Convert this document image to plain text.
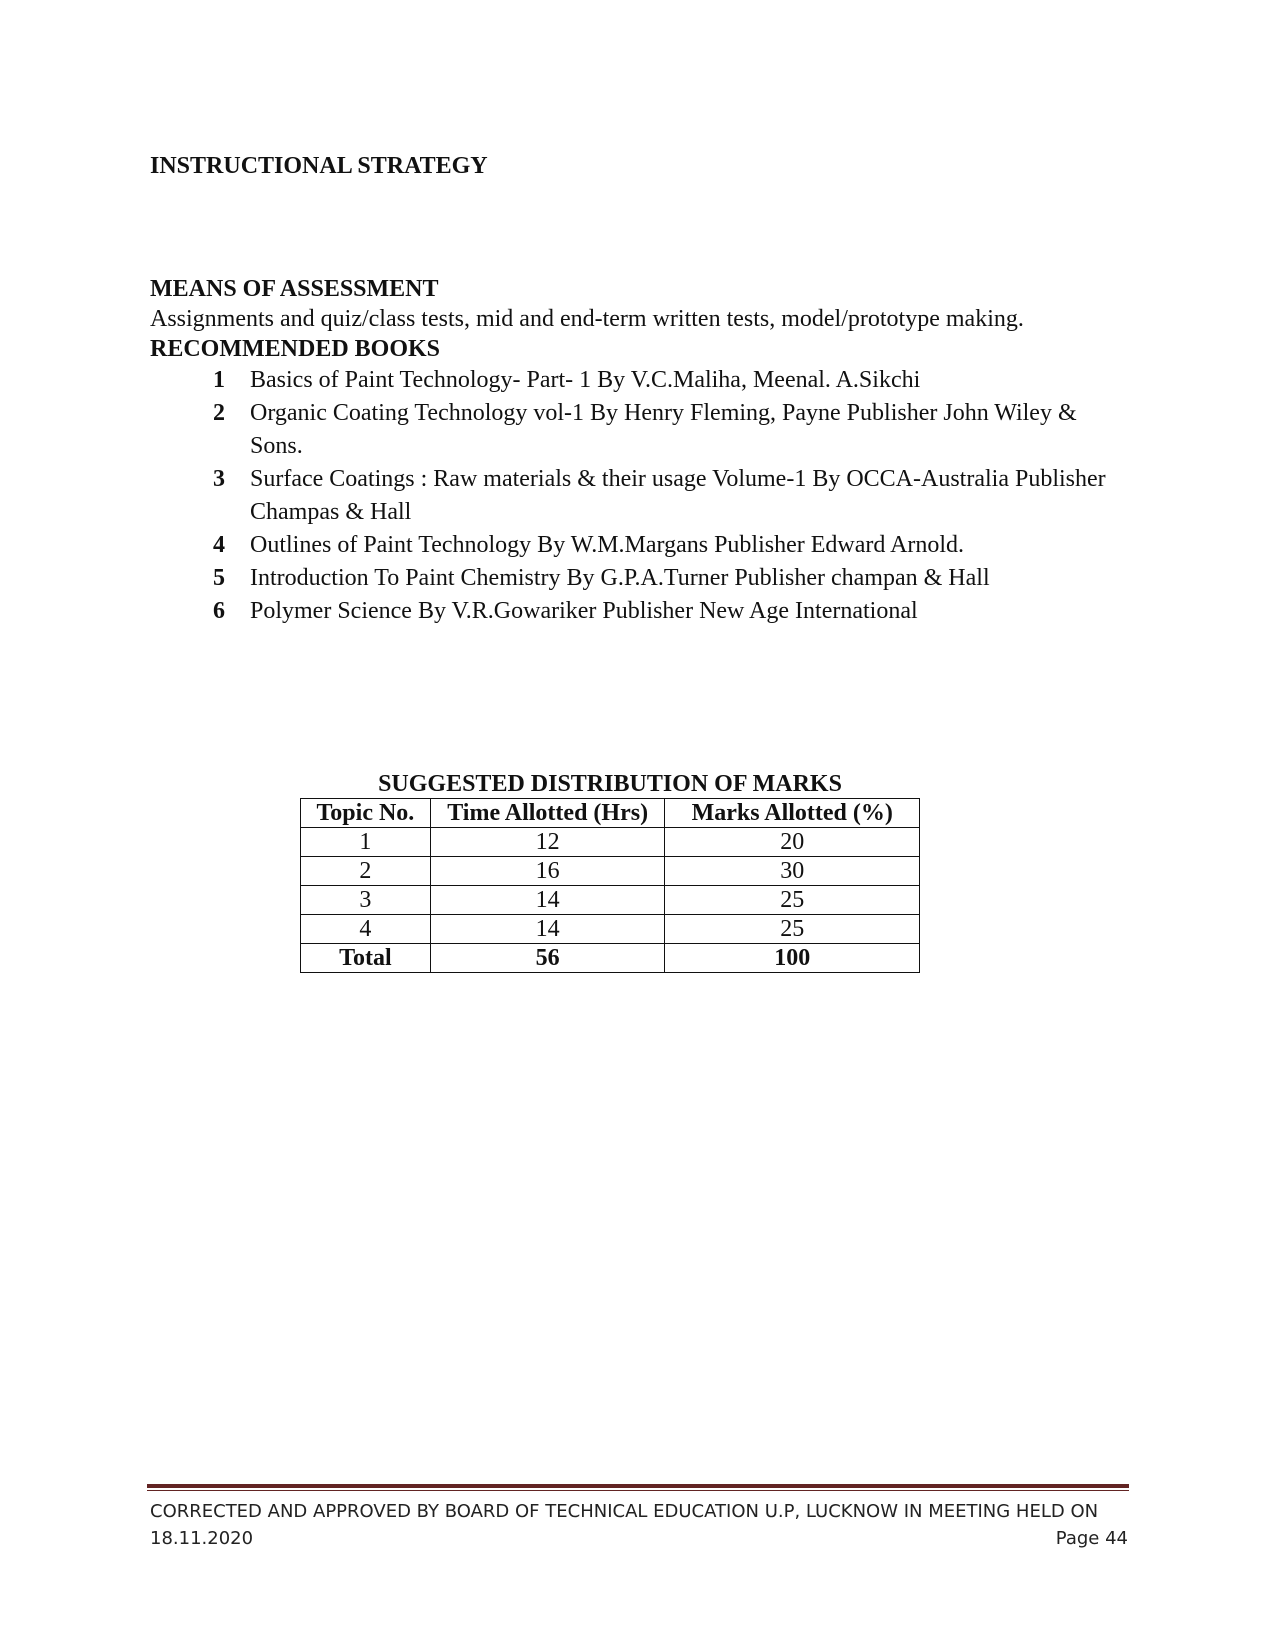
INSTRUCTIONAL STRATEGY
MEANS OF ASSESSMENT
Assignments and quiz/class tests, mid and end-term written tests, model/prototype making.
RECOMMENDED BOOKS
1	Basics of Paint Technology- Part- 1 By V.C.Maliha, Meenal. A.Sikchi
2	Organic Coating Technology vol-1 By Henry Fleming, Payne Publisher John Wiley & Sons.
3	Surface Coatings : Raw materials & their usage Volume-1 By OCCA-Australia Publisher Champas & Hall
4	Outlines of Paint Technology By W.M.Margans Publisher Edward Arnold.
5	Introduction To Paint Chemistry By G.P.A.Turner Publisher champan & Hall
6	Polymer Science By V.R.Gowariker Publisher New Age International
SUGGESTED DISTRIBUTION OF MARKS
Topic No.	Time Allotted (Hrs)	Marks Allotted (%)
1	12	20
2	16	30
3	14	25
4	14	25
Total	56	100
CORRECTED AND APPROVED BY BOARD OF TECHNICAL EDUCATION U.P, LUCKNOW IN MEETING HELD ON
18.11.2020	Page 44
